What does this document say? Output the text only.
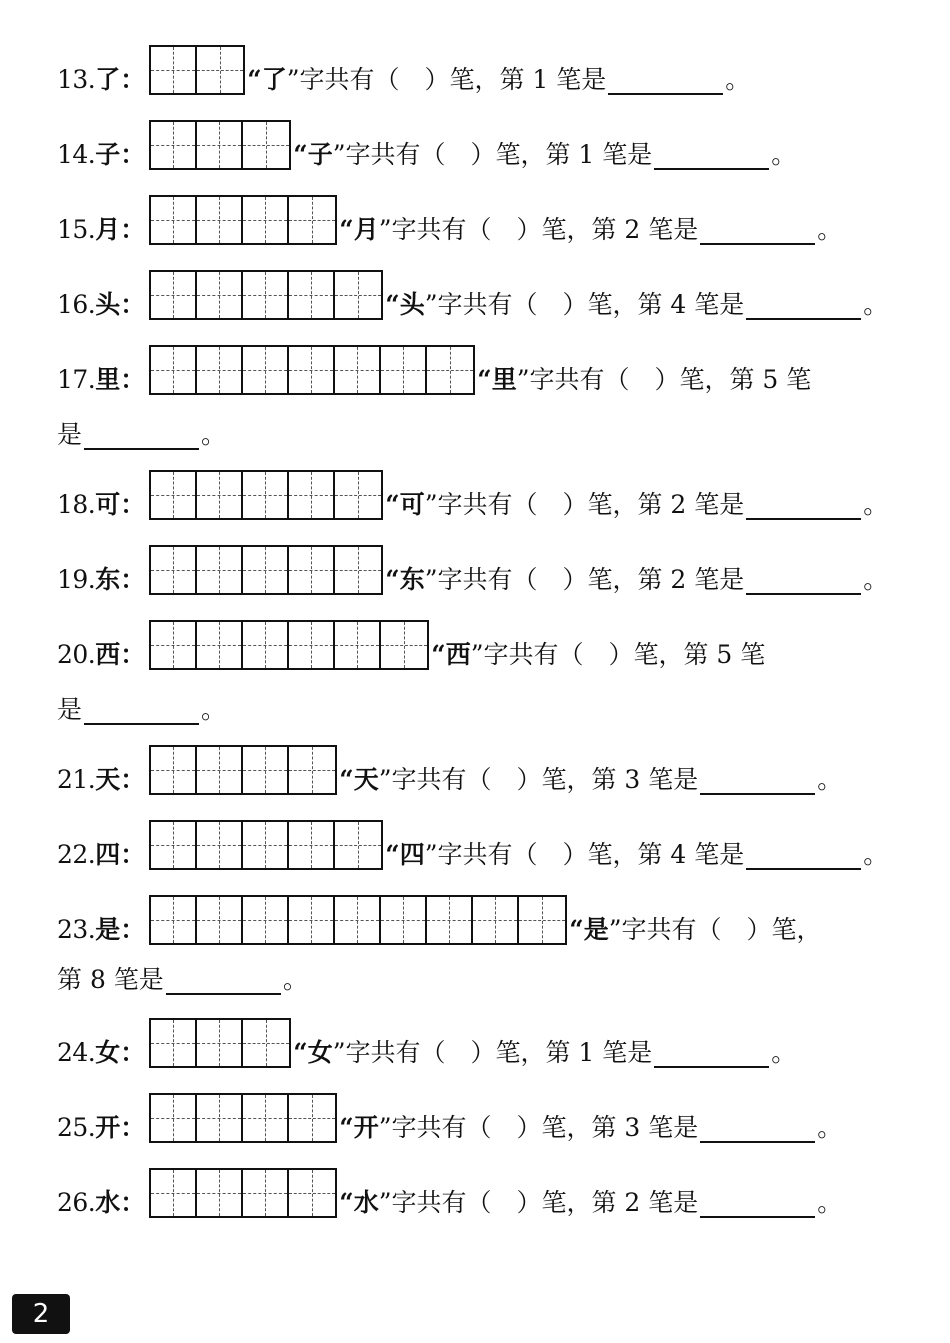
13. 了 ：	“ 了 ”字共有（　）笔，第 1 笔是	。
14. 子 ：	“ 子 ”字共有（　）笔，第 1 笔是	。
15. 月 ：	“ 月 ”字共有（　）笔，第 2 笔是	。
16. 头 ：	“ 头 ”字共有（　）笔，第 4 笔是	。
17. 里 ：	“ 里 ”字共有（　）笔，第 5 笔
是	。
18. 可 ：	“ 可 ”字共有（　）笔，第 2 笔是	。
19. 东 ：	“ 东 ”字共有（　）笔，第 2 笔是	。
20. 西 ：	“ 西 ”字共有（　）笔，第 5 笔
是	。
21. 天 ：	“ 天 ”字共有（　）笔，第 3 笔是	。
22. 四 ：	“ 四 ”字共有（　）笔，第 4 笔是	。
23. 是 ：	“ 是 ”字共有（　）笔，
第 8 笔是	。
24. 女 ：	“ 女 ”字共有（　）笔，第 1 笔是	。
25. 开 ：	“ 开 ”字共有（　）笔，第 3 笔是	。
26. 水 ：	“ 水 ”字共有（　）笔，第 2 笔是	。
2
